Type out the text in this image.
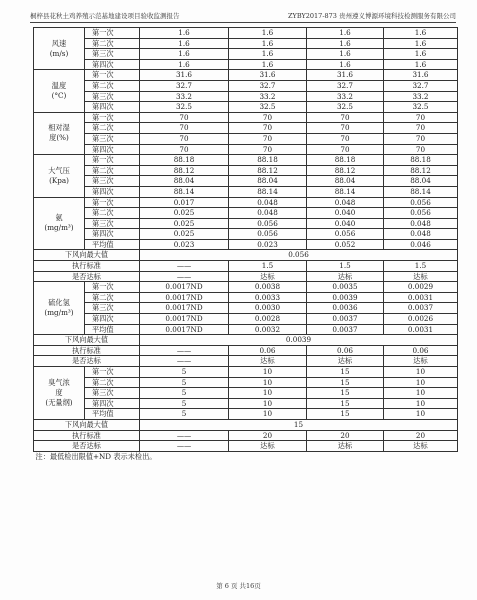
桐梓县花秋土鸡养殖示范基地建设项目验收监测报告	ZYBY2017-873 贵州遵义博源环境科技检测服务有限公司
风速
(m/s)	第一次	1.6	1.6	1.6	1.6
	第二次	1.6	1.6	1.6	1.6
	第三次	1.6	1.6	1.6	1.6
	第四次	1.6	1.6	1.6	1.6

温度
(°C)	第一次	31.6	31.6	31.6	31.6
	第二次	32.7	32.7	32.7	32.7
	第三次	33.2	33.2	33.2	33.2
	第四次	32.5	32.5	32.5	32.5

相对湿
度(%)	第一次	70	70	70	70
	第二次	70	70	70	70
	第三次	70	70	70	70
	第四次	70	70	70	70

大气压
(Kpa)	第一次	88.18	88.18	88.18	88.18
	第二次	88.12	88.12	88.12	88.12
	第三次	88.04	88.04	88.04	88.04
	第四次	88.14	88.14	88.14	88.14

氨
(mg/m³)	第一次	0.017	0.048	0.048	0.056
	第二次	0.025	0.048	0.040	0.056
	第三次	0.025	0.056	0.040	0.048
	第四次	0.025	0.056	0.056	0.048
	平均值	0.023	0.023	0.052	0.046
下风向最大值		0.056			
执行标准		——	1.5	1.5	1.5
是否达标		——	达标	达标	达标

硫化氢
(mg/m³)	第一次	0.0017ND	0.0038	0.0035	0.0029
	第二次	0.0017ND	0.0033	0.0039	0.0031
	第三次	0.0017ND	0.0030	0.0036	0.0037
	第四次	0.0017ND	0.0028	0.0037	0.0026
	平均值	0.0017ND	0.0032	0.0037	0.0031
下风向最大值		0.0039			
执行标准		——	0.06	0.06	0.06
是否达标		——	达标	达标	达标

臭气浓
度
(无量纲)	第一次	5	10	15	10
	第二次	5	10	15	10
	第三次	5	10	15	10
	第四次	5	10	15	10
	平均值	5	10	15	10
下风向最大值		15			
执行标准		——	20	20	20
是否达标		——	达标	达标	达标
注：最低检出限值+ND 表示未检出。					
第 6 页 共16页
